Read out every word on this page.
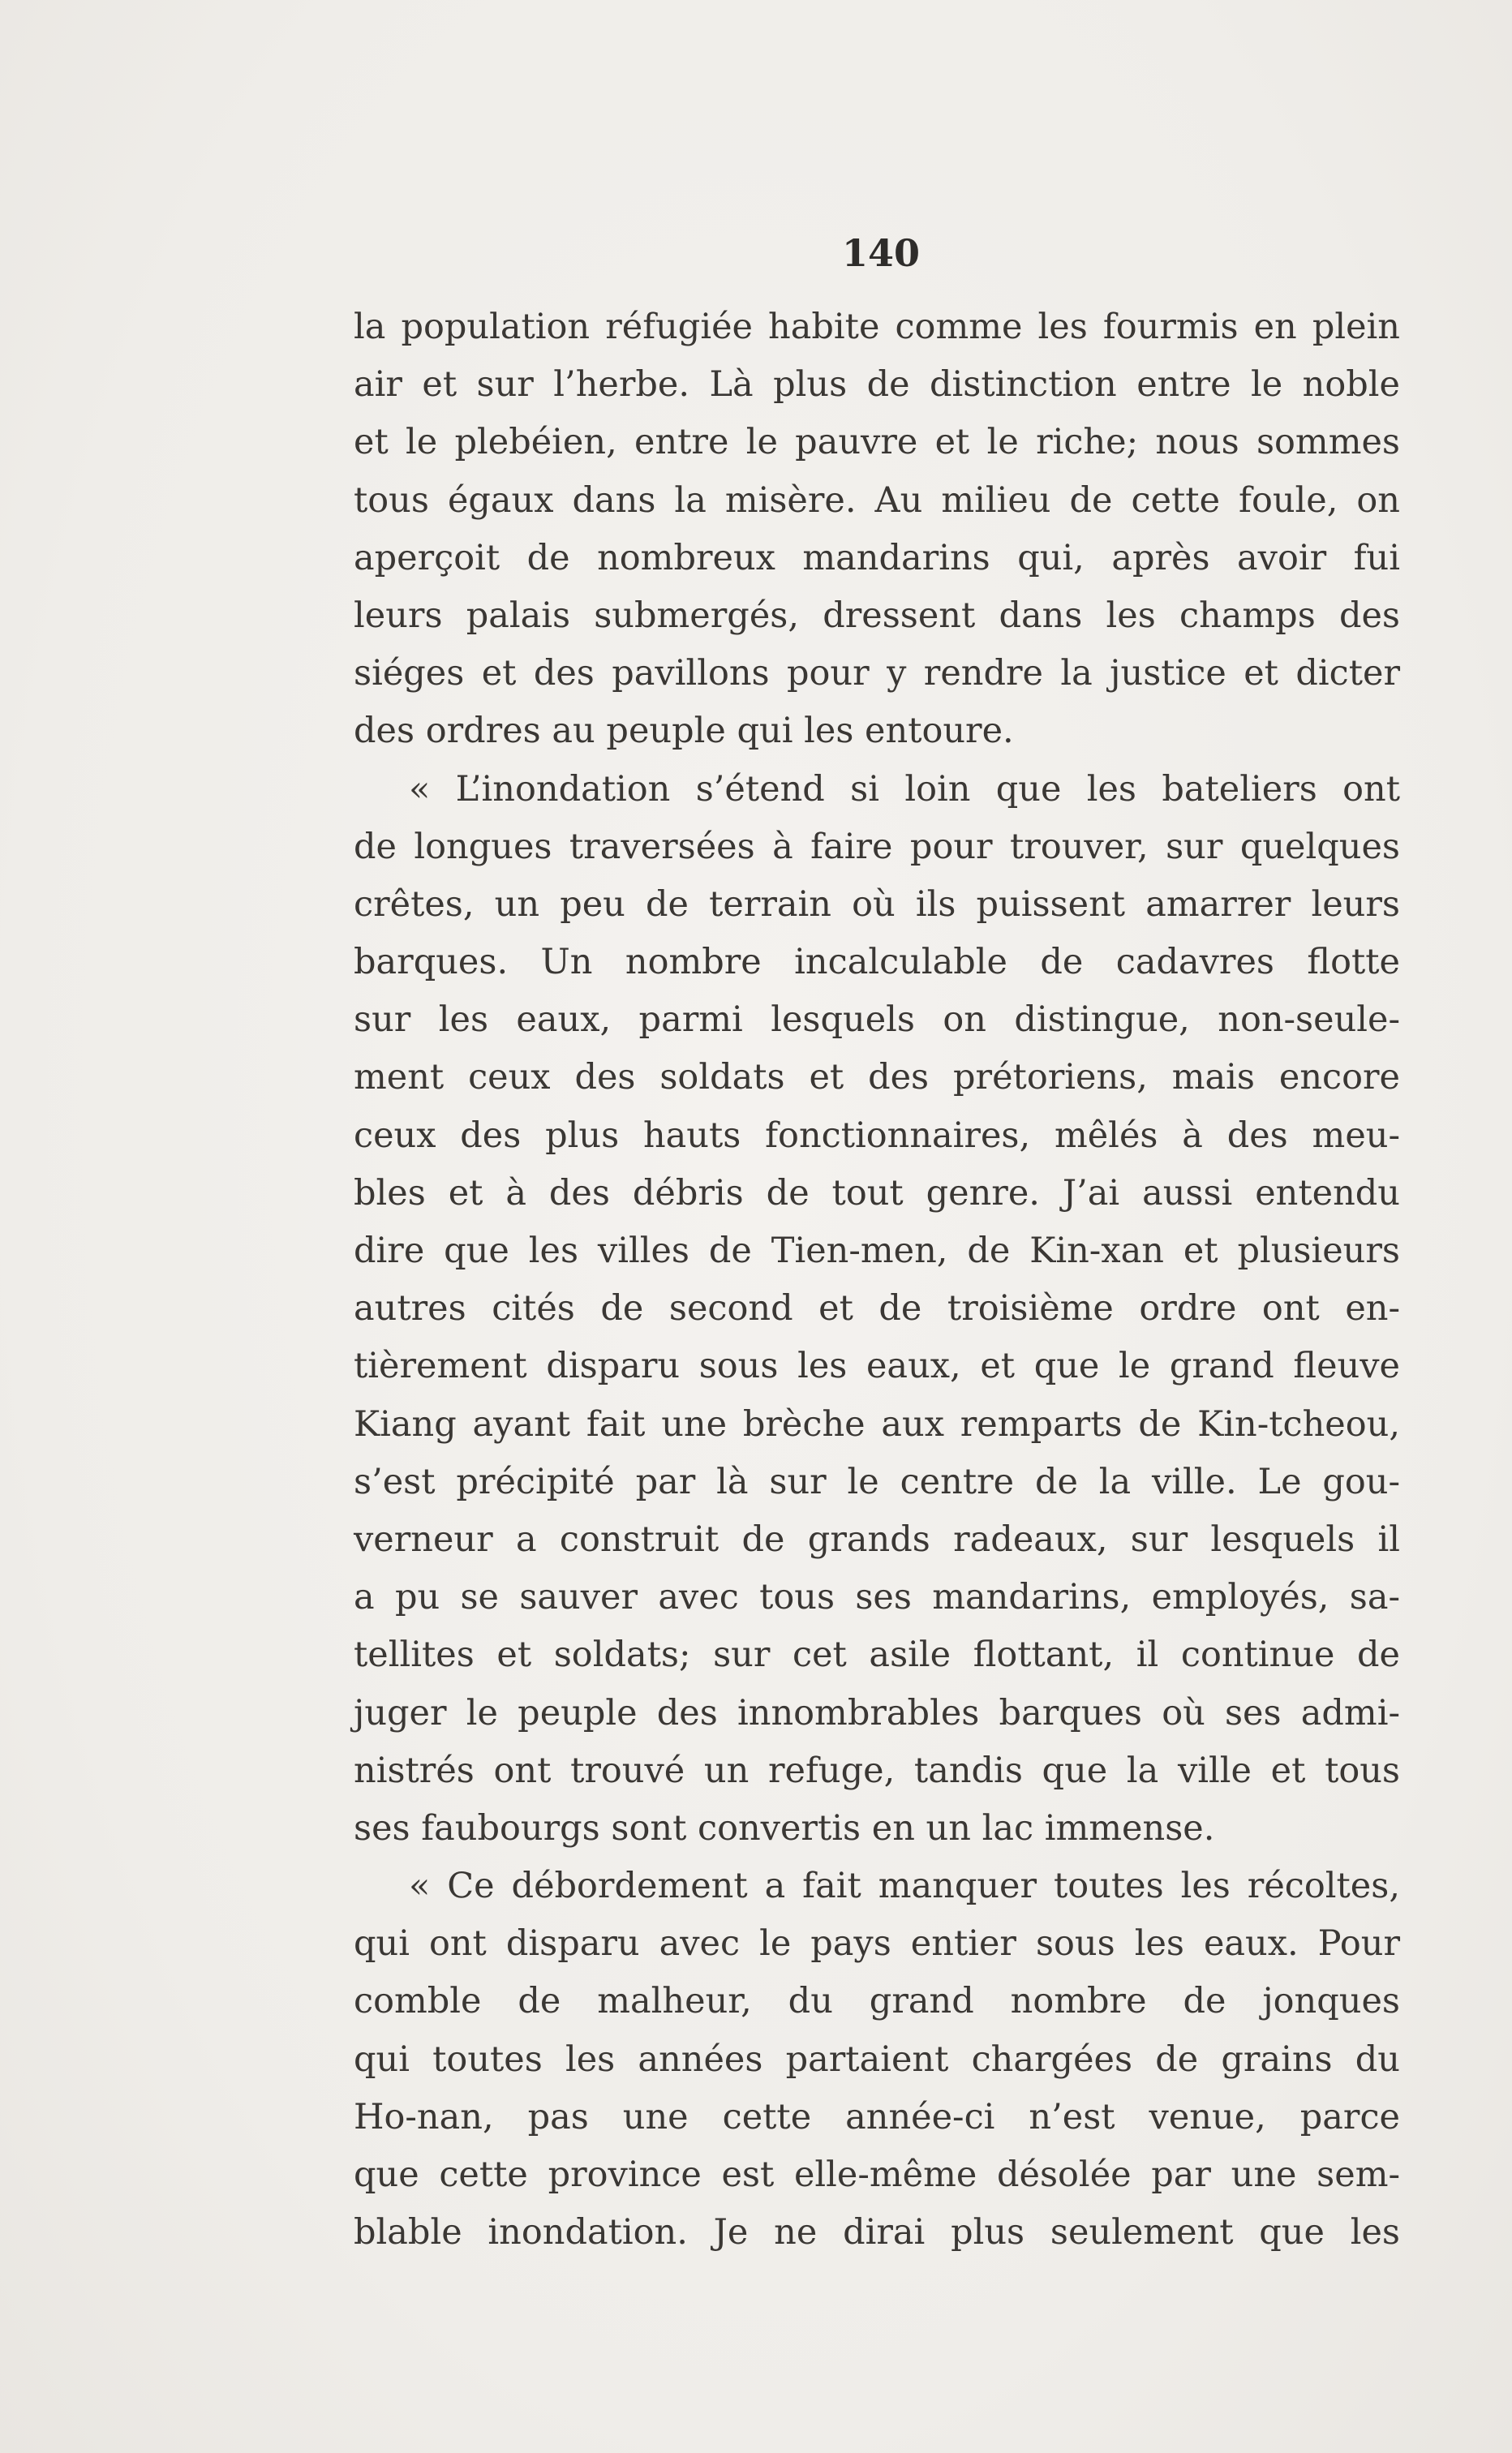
140

la population réfugiée habite comme les fourmis en plein
air et sur l’herbe. Là plus de distinction entre le noble
et le plebéien, entre le pauvre et le riche; nous sommes
tous égaux dans la misère. Au milieu de cette foule, on
aperçoit de nombreux mandarins qui, après avoir fui
leurs palais submergés, dressent dans les champs des
siéges et des pavillons pour y rendre la justice et dicter
des ordres au peuple qui les entoure.
« L’inondation s’étend si loin que les bateliers ont
de longues traversées à faire pour trouver, sur quelques
crêtes, un peu de terrain où ils puissent amarrer leurs
barques. Un nombre incalculable de cadavres flotte
sur les eaux, parmi lesquels on distingue, non-seule-
ment ceux des soldats et des prétoriens, mais encore
ceux des plus hauts fonctionnaires, mêlés à des meu-
bles et à des débris de tout genre. J’ai aussi entendu
dire que les villes de Tien-men, de Kin-xan et plusieurs
autres cités de second et de troisième ordre ont en-
tièrement disparu sous les eaux, et que le grand fleuve
Kiang ayant fait une brèche aux remparts de Kin-tcheou,
s’est précipité par là sur le centre de la ville. Le gou-
verneur a construit de grands radeaux, sur lesquels il
a pu se sauver avec tous ses mandarins, employés, sa-
tellites et soldats; sur cet asile flottant, il continue de
juger le peuple des innombrables barques où ses admi-
nistrés ont trouvé un refuge, tandis que la ville et tous
ses faubourgs sont convertis en un lac immense.
« Ce débordement a fait manquer toutes les récoltes,
qui ont disparu avec le pays entier sous les eaux. Pour
comble de malheur, du grand nombre de jonques
qui toutes les années partaient chargées de grains du
Ho-nan, pas une cette année-ci n’est venue, parce
que cette province est elle-même désolée par une sem-
blable inondation. Je ne dirai plus seulement que les
